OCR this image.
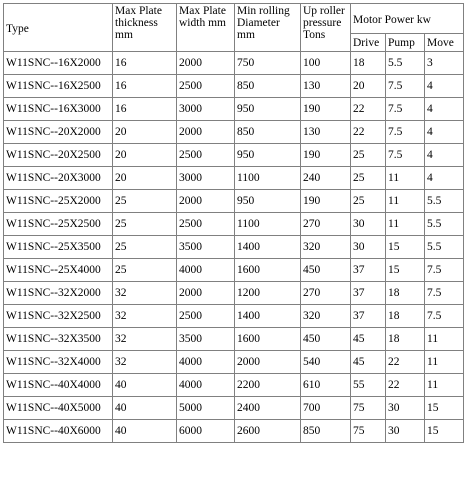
Type	Max Plate thickness mm	Max Plate width mm	Min rolling Diameter mm	Up roller pressure Tons	Motor Power kw		
					Drive	Pump	Move
W11SNC--16X2000	16	2000	750	100	18	5.5	3
W11SNC--16X2500	16	2500	850	130	20	7.5	4
W11SNC--16X3000	16	3000	950	190	22	7.5	4
W11SNC--20X2000	20	2000	850	130	22	7.5	4
W11SNC--20X2500	20	2500	950	190	25	7.5	4
W11SNC--20X3000	20	3000	1100	240	25	11	4
W11SNC--25X2000	25	2000	950	190	25	11	5.5
W11SNC--25X2500	25	2500	1100	270	30	11	5.5
W11SNC--25X3500	25	3500	1400	320	30	15	5.5
W11SNC--25X4000	25	4000	1600	450	37	15	7.5
W11SNC--32X2000	32	2000	1200	270	37	18	7.5
W11SNC--32X2500	32	2500	1400	320	37	18	7.5
W11SNC--32X3500	32	3500	1600	450	45	18	11
W11SNC--32X4000	32	4000	2000	540	45	22	11
W11SNC--40X4000	40	4000	2200	610	55	22	11
W11SNC--40X5000	40	5000	2400	700	75	30	15
W11SNC--40X6000	40	6000	2600	850	75	30	15
